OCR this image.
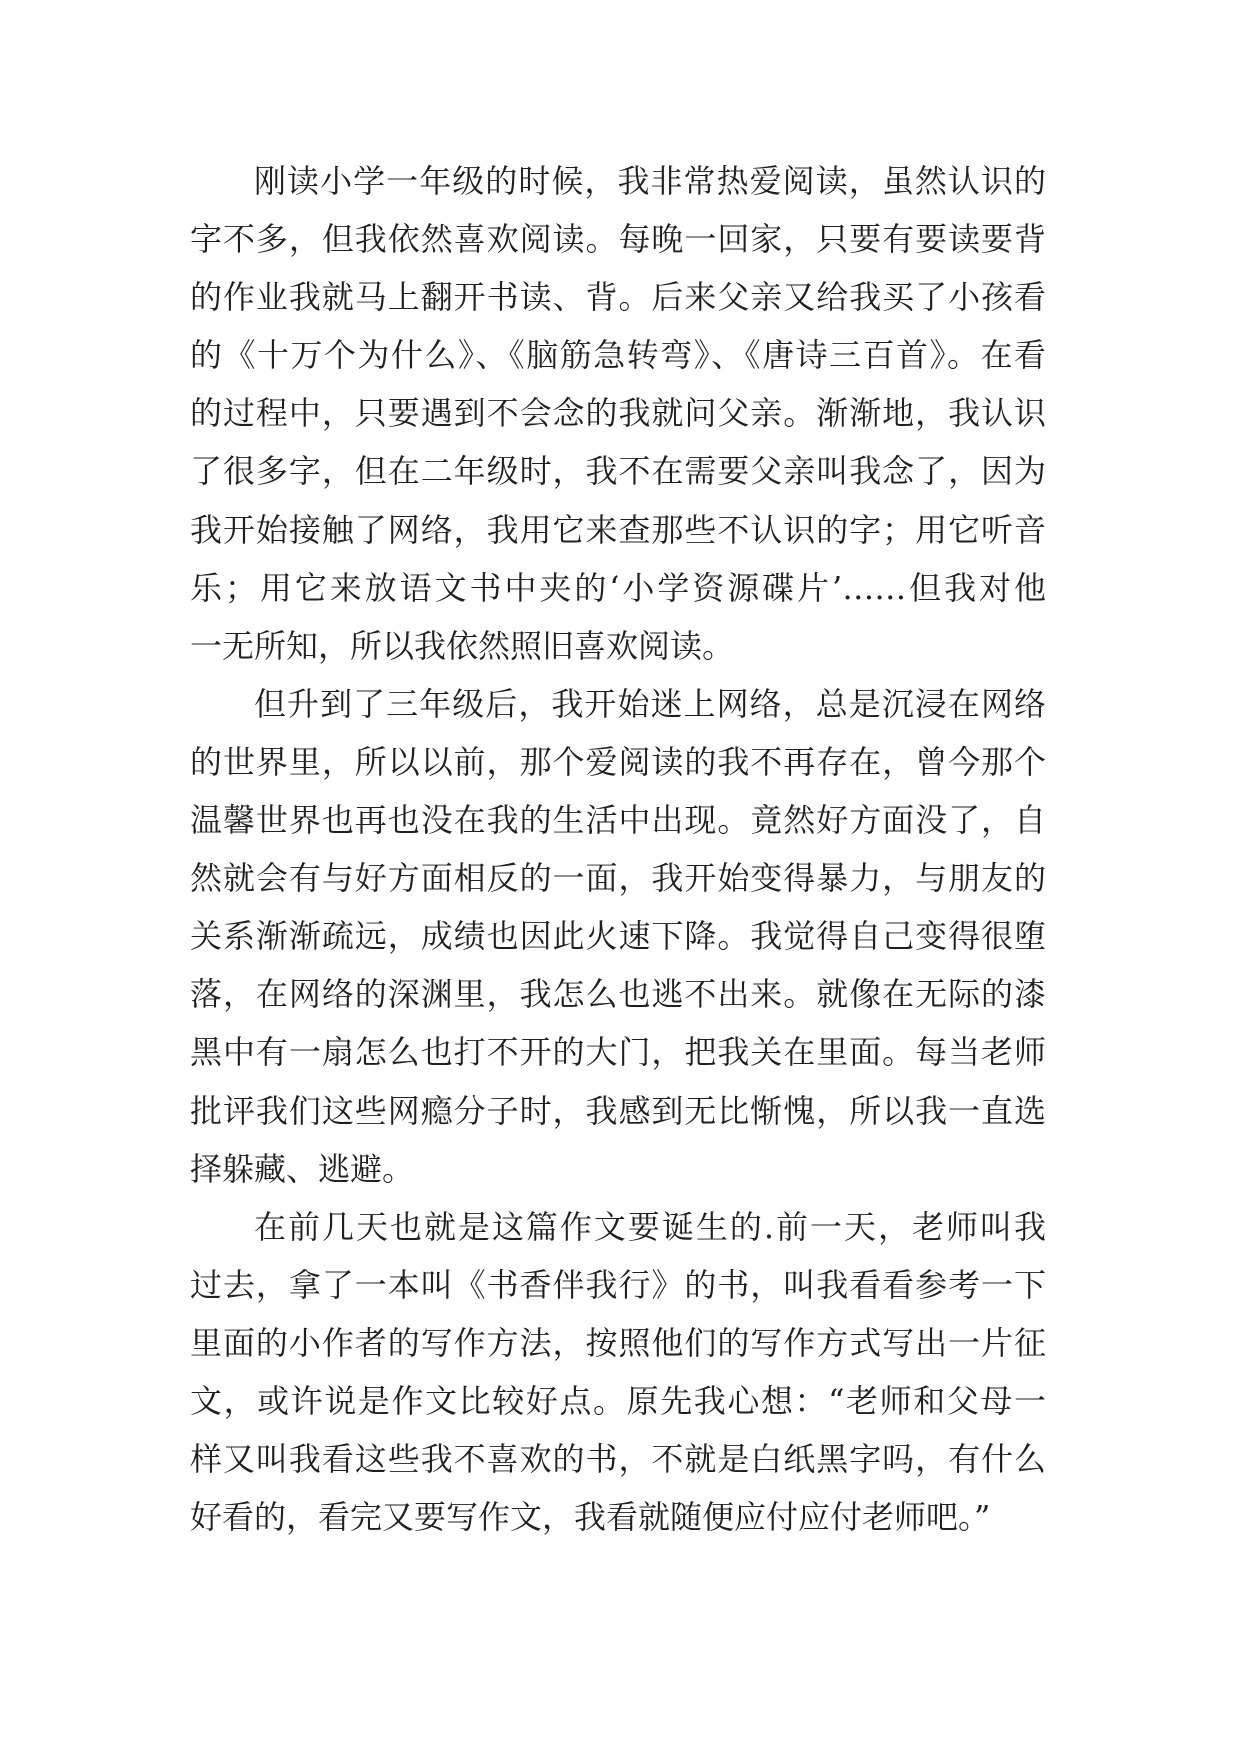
刚读小学一年级的时候，我非常热爱阅读，虽然认识的
字不多，但我依然喜欢阅读。每晚一回家，只要有要读要背
的作业我就马上翻开书读、背。后来父亲又给我买了小孩看
的《十万个为什么》、《脑筋急转弯》、《唐诗三百首》。在看
的过程中，只要遇到不会念的我就问父亲。渐渐地，我认识
了很多字，但在二年级时，我不在需要父亲叫我念了，因为
我开始接触了网络，我用它来查那些不认识的字；用它听音
乐；用它来放语文书中夹的‘小学资源碟片’……但我对他
一无所知，所以我依然照旧喜欢阅读。
但升到了三年级后，我开始迷上网络，总是沉浸在网络
的世界里，所以以前，那个爱阅读的我不再存在，曾今那个
温馨世界也再也没在我的生活中出现。竟然好方面没了，自
然就会有与好方面相反的一面，我开始变得暴力，与朋友的
关系渐渐疏远，成绩也因此火速下降。我觉得自己变得很堕
落，在网络的深渊里，我怎么也逃不出来。就像在无际的漆
黑中有一扇怎么也打不开的大门，把我关在里面。每当老师
批评我们这些网瘾分子时，我感到无比惭愧，所以我一直选
择躲藏、逃避。
在前几天也就是这篇作文要诞生的.前一天，老师叫我
过去，拿了一本叫《书香伴我行》的书，叫我看看参考一下
里面的小作者的写作方法，按照他们的写作方式写出一片征
文，或许说是作文比较好点。原先我心想：“老师和父母一
样又叫我看这些我不喜欢的书，不就是白纸黑字吗，有什么
好看的，看完又要写作文，我看就随便应付应付老师吧。”
